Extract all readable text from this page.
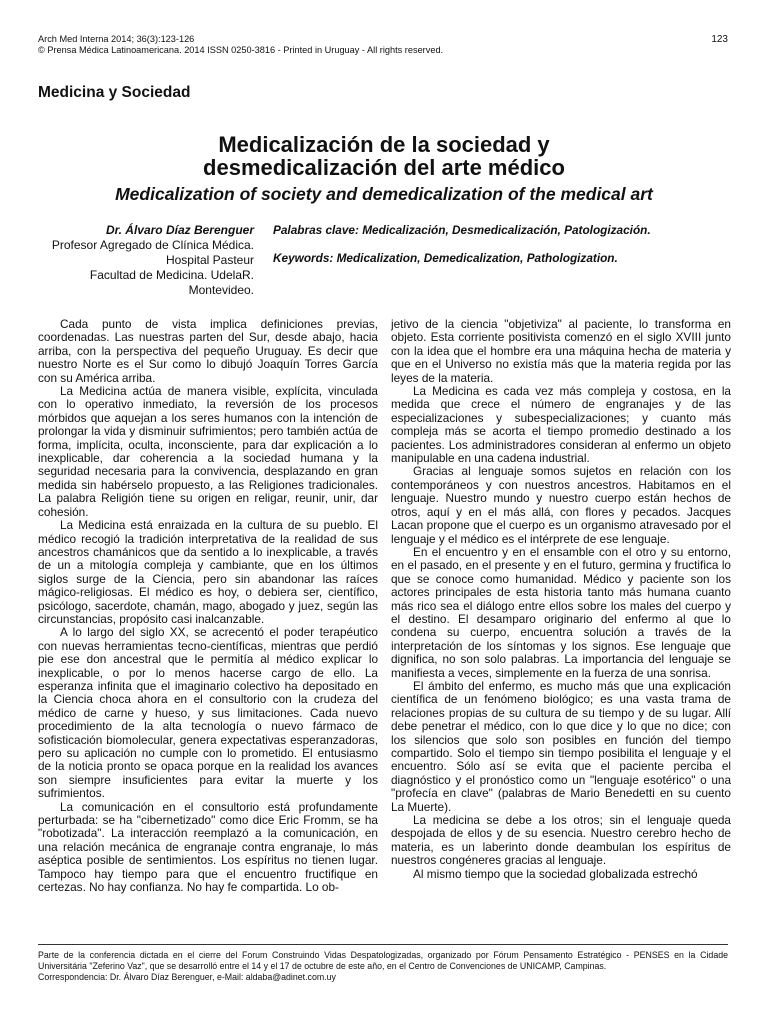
Arch Med Interna 2014; 36(3):123-126
© Prensa Médica Latinoamericana. 2014 ISSN 0250-3816 - Printed in Uruguay - All rights reserved.
123
Medicina y Sociedad
Medicalización de la sociedad y
desmedicalización del arte médico
Medicalization of society and demedicalization of the medical art
Dr. Álvaro Díaz Berenguer
Profesor Agregado de Clínica Médica.
Hospital Pasteur
Facultad de Medicina. UdelaR.
Montevideo.
Palabras clave: Medicalización, Desmedicalización, Patologización.
Keywords: Medicalization, Demedicalization, Pathologization.

Cada punto de vista implica definiciones previas, coordenadas. Las nuestras parten del Sur, desde abajo, hacia arriba, con la perspectiva del pequeño Uruguay. Es decir que nuestro Norte es el Sur como lo dibujó Joaquín Torres García con su América arriba.

La Medicina actúa de manera visible, explícita, vinculada con lo operativo inmediato, la reversión de los procesos mórbidos que aquejan a los seres humanos con la intención de prolongar la vida y disminuir sufrimientos; pero también actúa de forma, implícita, oculta, inconsciente, para dar explicación a lo inexplicable, dar coherencia a la sociedad humana y la seguridad necesaria para la convivencia, desplazando en gran medida sin habérselo propuesto, a las Religiones tradicionales. La palabra Religión tiene su origen en religar, reunir, unir, dar cohesión.

La Medicina está enraizada en la cultura de su pueblo. El médico recogió la tradición interpretativa de la realidad de sus ancestros chamánicos que da sentido a lo inexplicable, a través de un a mitología compleja y cambiante, que en los últimos siglos surge de la Ciencia, pero sin abandonar las raíces mágico-religiosas. El médico es hoy, o debiera ser, científico, psicólogo, sacerdote, chamán, mago, abogado y juez, según las circunstancias, propósito casi inalcanzable.

A lo largo del siglo XX, se acrecentó el poder terapéutico con nuevas herramientas tecno-científicas, mientras que perdió pie ese don ancestral que le permitía al médico explicar lo inexplicable, o por lo menos hacerse cargo de ello. La esperanza infinita que el imaginario colectivo ha depositado en la Ciencia choca ahora en el consultorio con la crudeza del médico de carne y hueso, y sus limitaciones. Cada nuevo procedimiento de la alta tecnología o nuevo fármaco de sofisticación biomolecular, genera expectativas esperanzadoras, pero su aplicación no cumple con lo prometido. El entusiasmo de la noticia pronto se opaca porque en la realidad los avances son siempre insuficientes para evitar la muerte y los sufrimientos.

La comunicación en el consultorio está profundamente perturbada: se ha "cibernetizado" como dice Eric Fromm, se ha "robotizada". La interacción reemplazó a la comunicación, en una relación mecánica de engranaje contra engranaje, lo más aséptica posible de sentimientos. Los espíritus no tienen lugar. Tampoco hay tiempo para que el encuentro fructifique en certezas. No hay confianza. No hay fe compartida. Lo ob-

jetivo de la ciencia "objetiviza" al paciente, lo transforma en objeto. Esta corriente positivista comenzó en el siglo XVIII junto con la idea que el hombre era una máquina hecha de materia y que en el Universo no existía más que la materia regida por las leyes de la materia.

La Medicina es cada vez más compleja y costosa, en la medida que crece el número de engranajes y de las especializaciones y subespecializaciones; y cuanto más compleja más se acorta el tiempo promedio destinado a los pacientes. Los administradores consideran al enfermo un objeto manipulable en una cadena industrial.

Gracias al lenguaje somos sujetos en relación con los contemporáneos y con nuestros ancestros. Habitamos en el lenguaje. Nuestro mundo y nuestro cuerpo están hechos de otros, aquí y en el más allá, con flores y pecados. Jacques Lacan propone que el cuerpo es un organismo atravesado por el lenguaje y el médico es el intérprete de ese lenguaje.

En el encuentro y en el ensamble con el otro y su entorno, en el pasado, en el presente y en el futuro, germina y fructifica lo que se conoce como humanidad. Médico y paciente son los actores principales de esta historia tanto más humana cuanto más rico sea el diálogo entre ellos sobre los males del cuerpo y el destino. El desamparo originario del enfermo al que lo condena su cuerpo, encuentra solución a través de la interpretación de los síntomas y los signos. Ese lenguaje que dignifica, no son solo palabras. La importancia del lenguaje se manifiesta a veces, simplemente en la fuerza de una sonrisa.

El ámbito del enfermo, es mucho más que una explicación científica de un fenómeno biológico; es una vasta trama de relaciones propias de su cultura de su tiempo y de su lugar. Allí debe penetrar el médico, con lo que dice y lo que no dice; con los silencios que solo son posibles en función del tiempo compartido. Solo el tiempo sin tiempo posibilita el lenguaje y el encuentro. Sólo así se evita que el paciente perciba el diagnóstico y el pronóstico como un "lenguaje esotérico" o una "profecía en clave" (palabras de Mario Benedetti en su cuento La Muerte).

La medicina se debe a los otros; sin el lenguaje queda despojada de ellos y de su esencia. Nuestro cerebro hecho de materia, es un laberinto donde deambulan los espíritus de nuestros congéneres gracias al lenguaje.

Al mismo tiempo que la sociedad globalizada estrechó

Parte de la conferencia dictada en el cierre del Forum Construindo Vidas Despatologizadas, organizado por Fórum Pensamento Estratégico - PENSES en la Cidade Universitária "Zeferino Vaz", que se desarrolló entre el 14 y el 17 de octubre de este año, en el Centro de Convenciones de UNICAMP, Campinas.

Correspondencia: Dr. Álvaro Díaz Berenguer, e-Mail: aldaba@adinet.com.uy
